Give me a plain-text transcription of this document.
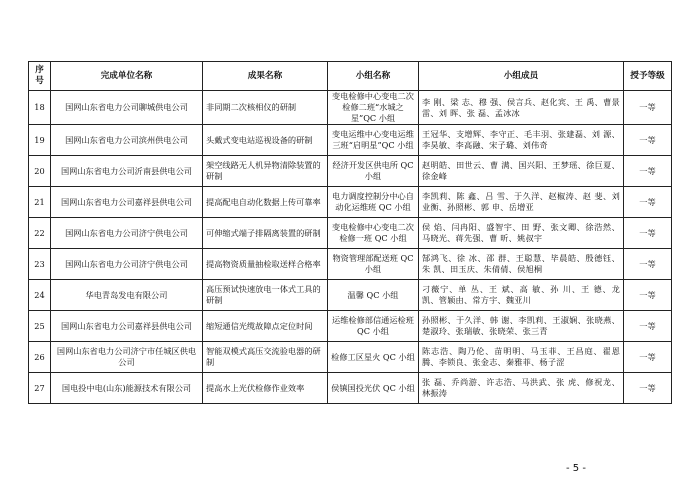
序号	完成单位名称	成果名称	小组名称	小组成员	授予等级
18	国网山东省电力公司聊城供电公司	非同期二次核相仪的研制	变电检修中心变电二次检修二班“水城之星”QC 小组	李 刚、梁 志、穆 强、侯言兵、赵化宾、王 禹、曹景雷、刘 晖、张 磊、孟冰冰	一等
19	国网山东省电力公司滨州供电公司	头戴式变电站巡视设备的研制	变电运维中心变电运维三班“启明星”QC 小组	王冠华、支增辉、李守正、毛丰羽、张建磊、刘 源、李昊敏、李高融、宋子璐、刘伟奇	一等
20	国网山东省电力公司沂南县供电公司	架空线路无人机异物清除装置的研制	经济开发区供电所 QC 小组	赵明皓、田世云、曹 满、国兴阳、王梦瑶、徐巨夏、徐金峰	一等
21	国网山东省电力公司嘉祥县供电公司	提高配电自动化数据上传可靠率	电力调度控制分中心自动化运维班 QC 小组	李凯莉、陈 鑫、吕 雪、于久洋、赵椒涛、赵 斐、刘业衡、孙照彬、郭 申、岳增亚	一等
22	国网山东省电力公司济宁供电公司	可伸缩式端子排隔离装置的研制	变电检修中心变电二次检修一班 QC 小组	侯 焰、闫冉阳、盛智宇、田 野、张文卿、徐浩然、马晓光、蒋先强、曹 昕、姚叔宇	一等
23	国网山东省电力公司济宁供电公司	提高物资质量抽检取送样合格率	物资管理部配送班 QC 小组	郜鸿飞、徐 冰、邵 群、王聪慧、毕晨皓、殷德钰、朱 凯、田玉庆、朱倩倩、侯旭桐	一等
24	华电青岛发电有限公司	高压预试快速放电一体式工具的研制	温馨 QC 小组	刁薇宁、单 丛、王 斌、高 敏、孙 川、王 德、龙 凯、管颖由、常方宇、魏亚川	一等
25	国网山东省电力公司嘉祥县供电公司	缩短通信光缆故障点定位时间	运维检修部信通运检班 QC 小组	孙照彬、于久洋、韩 谢、李凯莉、王淑娴、张晓燕、楚淑玲、张瑞敏、张晓荣、张三青	一等
26	国网山东省电力公司济宁市任城区供电公司	智能双模式高压交流验电器的研制	检修工区星火 QC 小组	陈志浩、陶乃伦、苗明明、马玉菲、王昌庭、翟恩腾、李锁良、张金志、秦雅菲、杨子涩	一等
27	国电投中电(山东)能源技术有限公司	提高水上光伏检修作业效率	侯镇国投光伏 QC 小组	张 磊、乔尚游、许志浩、马洪武、张 虎、修祝龙、林振涛	一等
- 5 -
